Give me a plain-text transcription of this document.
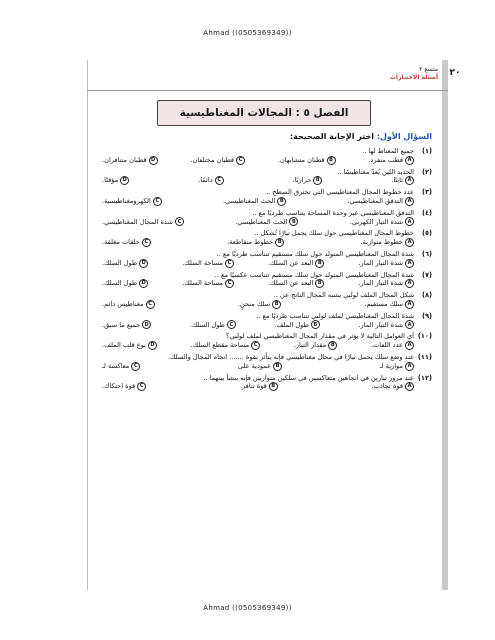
Ahmad ((0505369349))
٢٠
متسع ٢
أسئلة الاختبارات
الفصل ٥ : المجالات المغناطيسية
السؤال الأول: اختر الإجابة الصحيحة:
(١)
جميع المغناط لها ..
A
قطب منفرد.
B
قطبان متشابهان.
C
قطبان مختلفان.
D
قطبان متنافران.
(٢)
الحديد اللين يُعدّ مغناطيسًا ..
A
ثابتًا.
B
حراريًا.
C
دائمًا.
D
مؤقتًا.
(٣)
عدد خطوط المجال المغناطيسي التي تخترق السطح ..
A
التدفق المغناطيسي.
B
الحث المغناطيسي.
C
الكهرومغناطيسية.
(٤)
التدفق المغناطيسي عبر وحدة المساحة يتناسب طرديًا مع ..
A
شدة التيار الكهربي.
B
الحث المغناطيسي.
C
شدة المجال المغناطيسي.
(٥)
خطوط المجال المغناطيسي حول سلك يحمل تيارًا تُشكل ..
A
خطوط متوازية.
B
خطوط متقاطعة.
C
حلقات مغلقة.
(٦)
شدة المجال المغناطيسي المتولد حول سلك مستقيم تتناسب طرديًا مع ..
A
شدة التيار المار.
B
البعد عن السلك.
C
مساحة السلك.
D
طول السلك.
(٧)
شدة المجال المغناطيسي المتولد حول سلك مستقيم تتناسب عكسيًا مع ..
A
شدة التيار المار.
B
البعد عن السلك.
C
مساحة السلك.
D
طول السلك.
(٨)
شكل المجال الملف لولبي يشبه المجال الناتج عن ..
A
سلك مستقيم.
B
سلك منحنٍ.
C
مغناطيس دائم.
(٩)
شدة المجال المغناطيسي لملف لولبي تتناسب طرديًا مع ..
A
شدة التيار المار.
B
طول الملف.
C
طول السلك.
D
جميع ما سبق.
(١٠)
أي العوامل التالية لا يؤثر في مقدار المجال المغناطيسي لملف لولبي؟
A
عدد اللفات.
B
مقدار التيار.
C
مساحة مقطع السلك.
D
نوع قلب الملف.
(١١)
عند وضع سلك يحمل تيارًا في مجال مغناطيسي فإنه يتأثر بقوة ....... اتجاه المجال والسلك.
A
موازية لـ
B
عمودية على
C
معاكسة لـ
(١٢)
عند مرور تيارين في اتجاهين متعاكسين في سلكين متوازيين فإنه ينشأ بينهما ..
A
قوة تجاذب.
B
قوة تنافر.
C
قوة احتكاك.
Ahmad ((0505369349))
